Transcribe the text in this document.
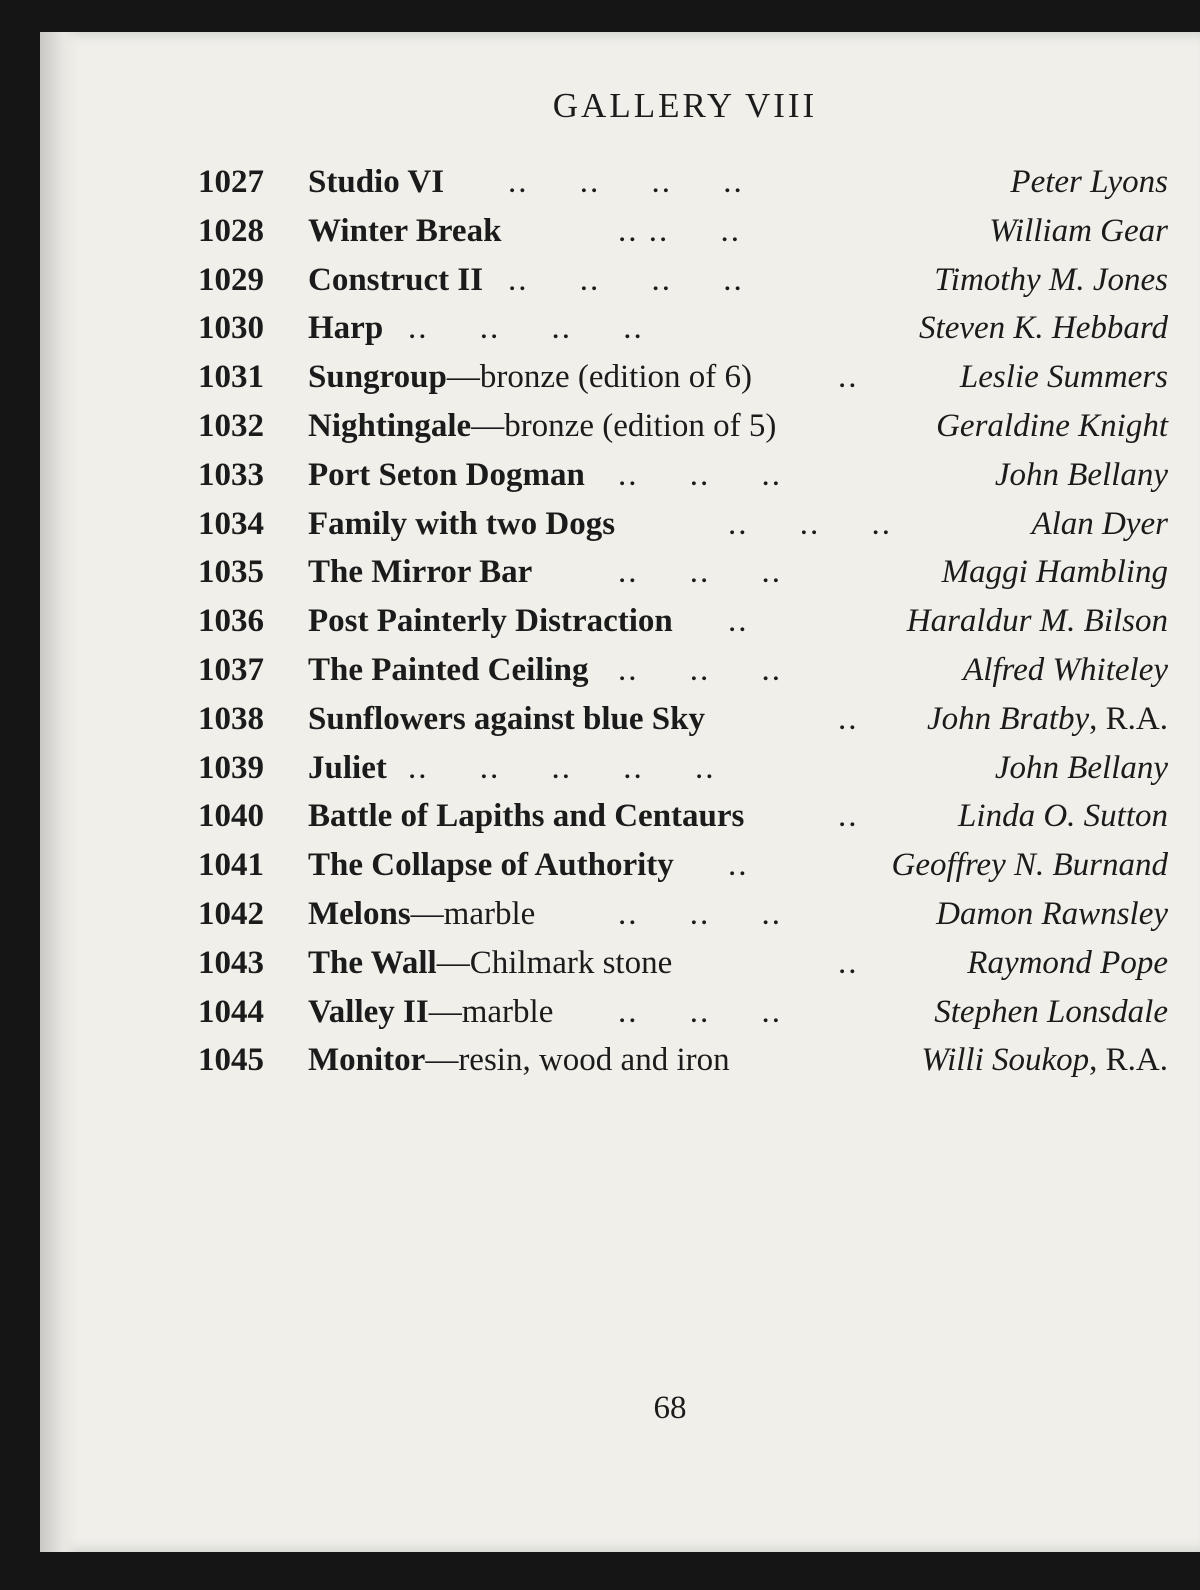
GALLERY VIII
1027 Studio VI ..     ..     ..     ..	Peter Lyons
1028 Winter Break	.. ..     ..	William Gear
1029 Construct II ..     ..     ..     ..	Timothy M. Jones
1030 Harp ..     ..     ..     ..	Steven K. Hebbard
1031 Sungroup—bronze (edition of 6)	..	Leslie Summers
1032 Nightingale—bronze (edition of 5)	Geraldine Knight
1033 Port Seton Dogman ..     ..     ..	John Bellany
1034 Family with two Dogs	..     ..     ..	Alan Dyer
1035 The Mirror Bar	..     ..     ..	Maggi Hambling
1036 Post Painterly Distraction ..	Haraldur M. Bilson
1037 The Painted Ceiling ..     ..     ..	Alfred Whiteley
1038 Sunflowers against blue Sky	.. John Bratby, R.A.
1039 Juliet ..     ..     ..     ..     ..	John Bellany
1040 Battle of Lapiths and Centaurs	..	Linda O. Sutton
1041 The Collapse of Authority ..	Geoffrey N. Burnand
1042 Melons—marble	..     ..     ..	Damon Rawnsley
1043 The Wall—Chilmark stone	..	Raymond Pope
1044 Valley II—marble ..     ..     ..	Stephen Lonsdale
1045 Monitor—resin, wood and iron	Willi Soukop, R.A.
68
